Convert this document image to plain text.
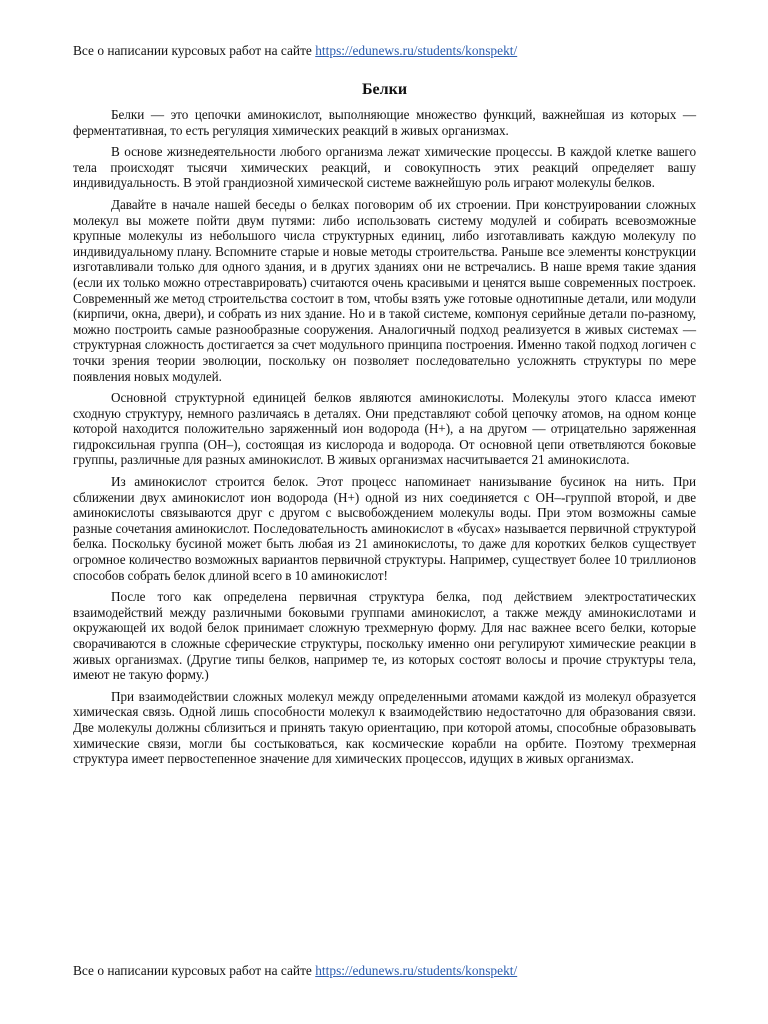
Все о написании курсовых работ на сайте https://edunews.ru/students/konspekt/
Белки

Белки — это цепочки аминокислот, выполняющие множество функций, важнейшая из которых — ферментативная, то есть регуляция химических реакций в живых организмах.

В основе жизнедеятельности любого организма лежат химические процессы. В каждой клетке вашего тела происходят тысячи химических реакций, и совокупность этих реакций определяет вашу индивидуальность. В этой грандиозной химической системе важнейшую роль играют молекулы белков.

Давайте в начале нашей беседы о белках поговорим об их строении. При конструировании сложных молекул вы можете пойти двум путями: либо использовать систему модулей и собирать всевозможные крупные молекулы из небольшого числа структурных единиц, либо изготавливать каждую молекулу по индивидуальному плану. Вспомните старые и новые методы строительства. Раньше все элементы конструкции изготавливали только для одного здания, и в других зданиях они не встречались. В наше время такие здания (если их только можно отреставрировать) считаются очень красивыми и ценятся выше современных построек. Современный же метод строительства состоит в том, чтобы взять уже готовые однотипные детали, или модули (кирпичи, окна, двери), и собрать из них здание. Но и в такой системе, компонуя серийные детали по-разному, можно построить самые разнообразные сооружения. Аналогичный подход реализуется в живых системах — структурная сложность достигается за счет модульного принципа построения. Именно такой подход логичен с точки зрения теории эволюции, поскольку он позволяет последовательно усложнять структуры по мере появления новых модулей.

Основной структурной единицей белков являются аминокислоты. Молекулы этого класса имеют сходную структуру, немного различаясь в деталях. Они представляют собой цепочку атомов, на одном конце которой находится положительно заряженный ион водорода (H+), а на другом — отрицательно заряженная гидроксильная группа (OH–), состоящая из кислорода и водорода. От основной цепи ответвляются боковые группы, различные для разных аминокислот. В живых организмах насчитывается 21 аминокислота.

Из аминокислот строится белок. Этот процесс напоминает нанизывание бусинок на нить. При сближении двух аминокислот ион водорода (H+) одной из них соединяется с OH–-группой второй, и две аминокислоты связываются друг с другом с высвобождением молекулы воды. При этом возможны самые разные сочетания аминокислот. Последовательность аминокислот в «бусах» называется первичной структурой белка. Поскольку бусиной может быть любая из 21 аминокислоты, то даже для коротких белков существует огромное количество возможных вариантов первичной структуры. Например, существует более 10 триллионов способов собрать белок длиной всего в 10 аминокислот!

После того как определена первичная структура белка, под действием электростатических взаимодействий между различными боковыми группами аминокислот, а также между аминокислотами и окружающей их водой белок принимает сложную трехмерную форму. Для нас важнее всего белки, которые сворачиваются в сложные сферические структуры, поскольку именно они регулируют химические реакции в живых организмах. (Другие типы белков, например те, из которых состоят волосы и прочие структуры тела, имеют не такую форму.)

При взаимодействии сложных молекул между определенными атомами каждой из молекул образуется химическая связь. Одной лишь способности молекул к взаимодействию недостаточно для образования связи. Две молекулы должны сблизиться и принять такую ориентацию, при которой атомы, способные образовывать химические связи, могли бы состыковаться, как космические корабли на орбите. Поэтому трехмерная структура имеет первостепенное значение для химических процессов, идущих в живых организмах.

Все о написании курсовых работ на сайте https://edunews.ru/students/konspekt/
